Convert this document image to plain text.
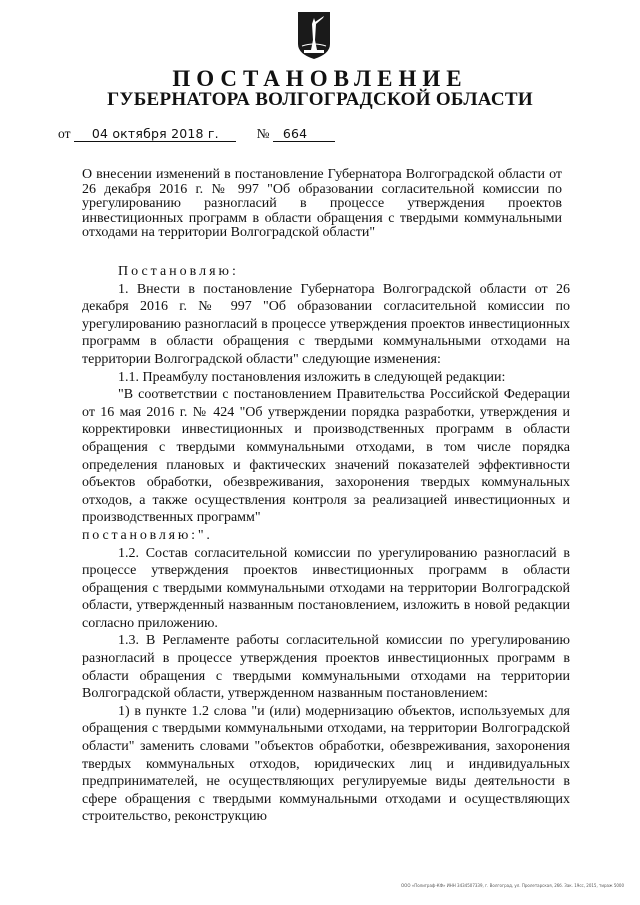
ПОСТАНОВЛЕНИЕ
ГУБЕРНАТОРА ВОЛГОГРАДСКОЙ ОБЛАСТИ
от 04 октября 2018 г.	№ 664

О внесении изменений в постановление Губернатора Волгоградской области от 26 декабря 2016 г. № 997 "Об образовании согласительной комиссии по урегулированию разногласий в процессе утверждения проектов инвестиционных программ в области обращения с твердыми коммунальными отходами на территории Волгоградской области"

Постановляю:

1. Внести в постановление Губернатора Волгоградской области от 26 декабря 2016 г. № 997 "Об образовании согласительной комиссии по урегулированию разногласий в процессе утверждения проектов инвестиционных программ в области обращения с твердыми коммунальными отходами на территории Волгоградской области" следующие изменения:

1.1. Преамбулу постановления изложить в следующей редакции:

"В соответствии с постановлением Правительства Российской Федерации от 16 мая 2016 г. № 424 "Об утверждении порядка разработки, утверждения и корректировки инвестиционных и производственных программ в области обращения с твердыми коммунальными отходами, в том числе порядка определения плановых и фактических значений показателей эффективности объектов обработки, обезвреживания, захоронения твердых коммунальных отходов, а также осуществления контроля за реализацией инвестиционных и производственных программ"

постановляю:".

1.2. Состав согласительной комиссии по урегулированию разногласий в процессе утверждения проектов инвестиционных программ в области обращения с твердыми коммунальными отходами на территории Волгоградской области, утвержденный названным постановлением, изложить в новой редакции согласно приложению.

1.3. В Регламенте работы согласительной комиссии по урегулированию разногласий в процессе утверждения проектов инвестиционных программ в области обращения с твердыми коммунальными отходами на территории Волгоградской области, утвержденном названным постановлением:

1) в пункте 1.2 слова "и (или) модернизацию объектов, используемых для обращения с твердыми коммунальными отходами, на территории Волгоградской области" заменить словами "объектов обработки, обезвреживания, захоронения твердых коммунальных отходов, юридических лиц и индивидуальных предпринимателей, не осуществляющих регулируемые виды деятельности в сфере обращения с твердыми коммунальными отходами и осуществляющих строительство, реконструкцию

ООО «Полиграф-КФ» ИНН 3434507339, г. Волгоград, ул. Пролетарская, 26б. Зак. 19сс, 2015, тираж 5000
